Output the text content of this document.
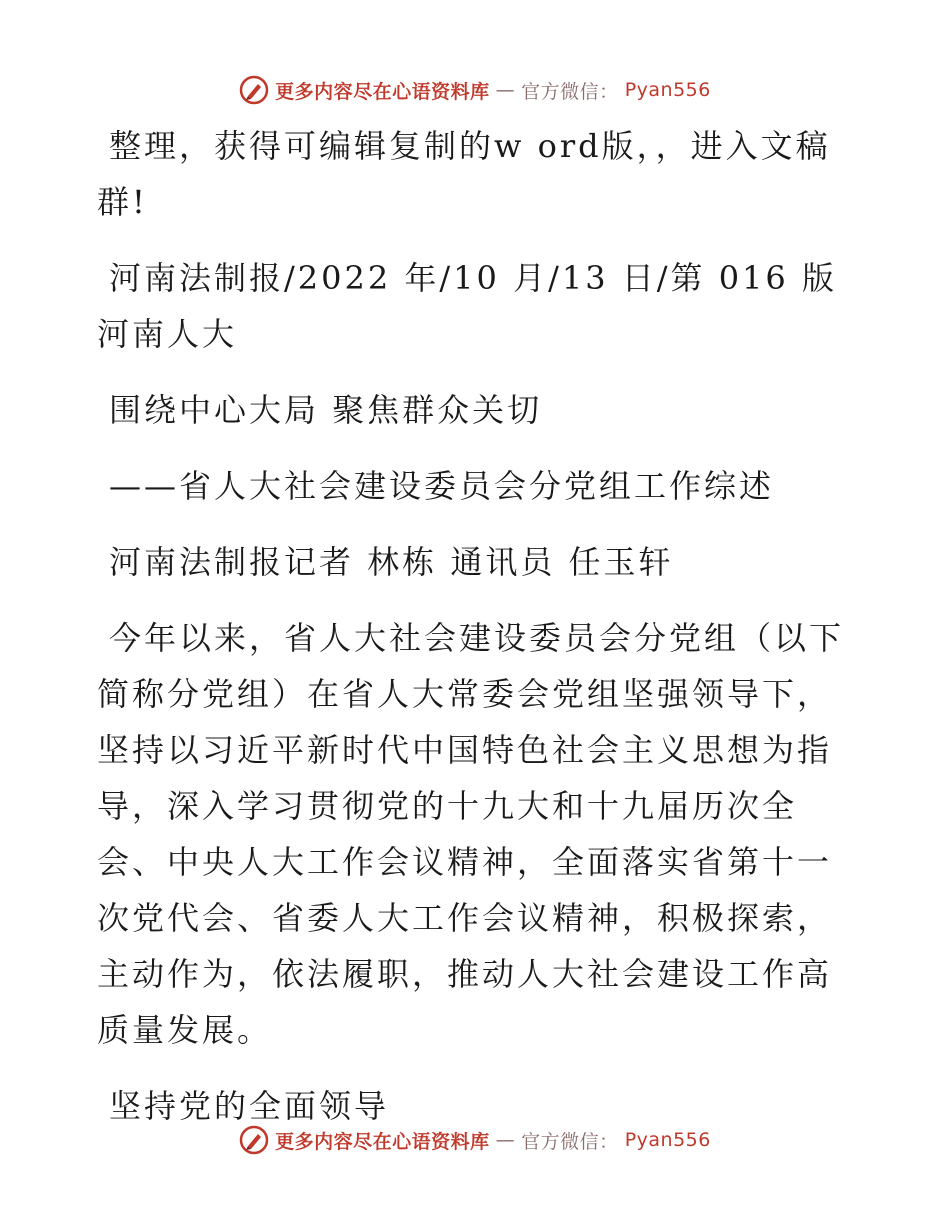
更多内容尽在心语资料库 — 官方微信： Pyan556

整理，获得可编辑复制的w ord版，，进入文稿群!

河南法制报/2022 年/10 月/13 日/第 016 版河南人大

围绕中心大局 聚焦群众关切

——省人大社会建设委员会分党组工作综述

河南法制报记者 林栋 通讯员 任玉轩

今年以来，省人大社会建设委员会分党组（以下简称分党组）在省人大常委会党组坚强领导下，坚持以习近平新时代中国特色社会主义思想为指导，深入学习贯彻党的十九大和十九届历次全会、中央人大工作会议精神，全面落实省第十一次党代会、省委人大工作会议精神，积极探索，主动作为，依法履职，推动人大社会建设工作高质量发展。

坚持党的全面领导

更多内容尽在心语资料库 — 官方微信： Pyan556
